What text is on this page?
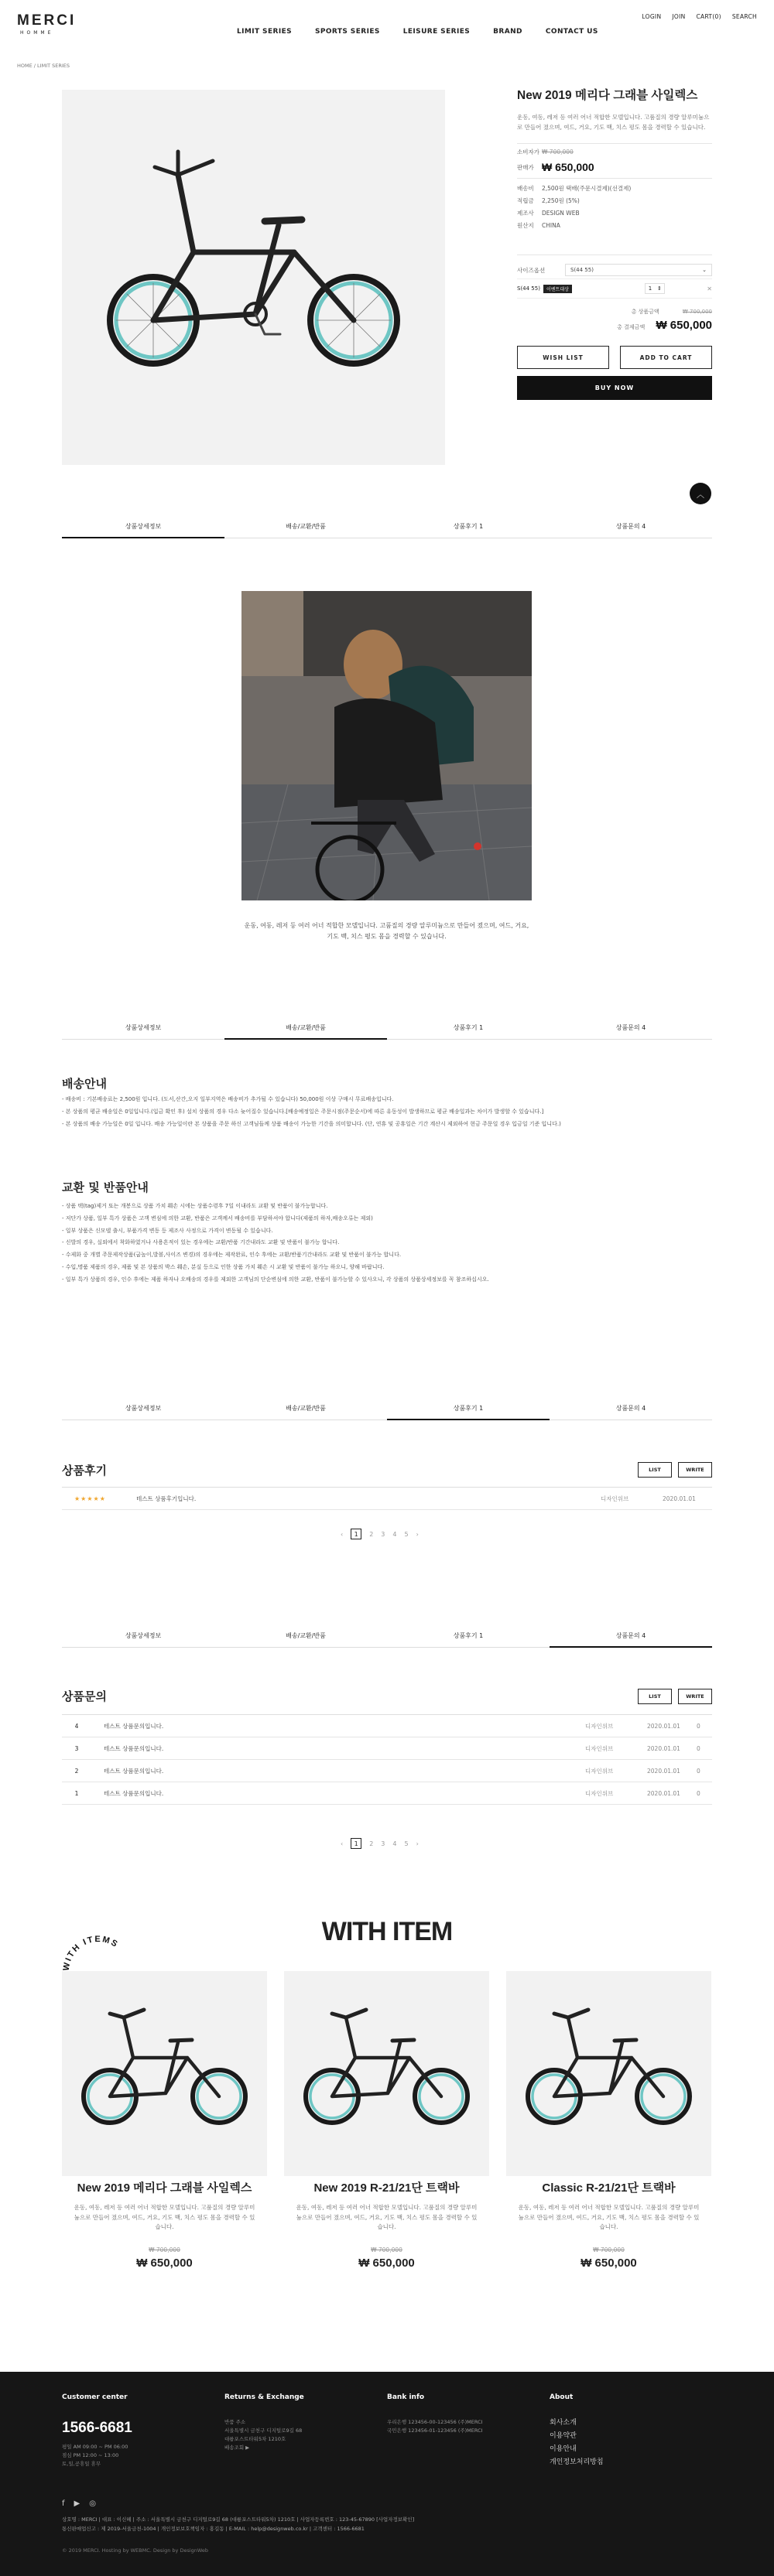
MERCI
HOMME	LIMIT SERIES	SPORTS SERIES	LEISURE SERIES	BRAND	CONTACT US
LOGIN JOIN CART(0) SEARCH
HOME / LIMIT SERIES
New 2019 메리다 그래블 사일렉스
운동, 여동, 레저 등 여러 어너 적합한 모델입니다. 고품질의 경량 알루미늄으로 만들어 졌으며, 여드, 거요, 기도 백, 치스 평도 몸을 경력할 수 있습니다.
소비자가 ₩ 700,000
판매가 ₩ 650,000
배송비	2,500원 택배(주문시결제)(선결제)
적립금	2,250원 (5%)
제조사	DESIGN WEB
원산지	CHINA
사이즈옵션	S(44 55)	⌄
S(44 55)	이벤트대상	1 ⇕	✕
총 상품금액	₩ 700,000
총 결제금액 ₩ 650,000
WISH LIST	ADD TO CART
BUY NOW
︿
상품상세정보	배송/교환/반품	상품후기 1	상품문의 4
운동, 여동, 레저 등 여러 어너 적합한 모델입니다. 고품질의 경량 알루미늄으로 만들어 졌으며, 여드, 거요, 기도 백, 치스 평도 몸을 경력할 수 있습니다.
상품상세정보	배송/교환/반품	상품후기 1	상품문의 4
배송안내

- 배송비 : 기본배송료는 2,500원 입니다. (도서,산간,오지 일부지역은 배송비가 추가될 수 있습니다) 50,000원 이상 구매시 무료배송입니다.

- 본 상품의 평균 배송일은 0일입니다.(입금 확인 후) 설치 상품의 경우 다소 늦어질수 있습니다.[배송예정일은 주문시점(주문순서)에 따른 유동성이 발생하므로 평균 배송일과는 차이가 발생할 수 있습니다.]

- 본 상품의 배송 가능일은 0일 입니다. 배송 가능일이란 본 상품을 주문 하신 고객님들께 상품 배송이 가능한 기간을 의미합니다. (단, 연휴 및 공휴일은 기간 계산시 제외하여 현금 주문일 경우 입금일 기준 입니다.)

교환 및 반품안내

- 상품 택(tag)제거 또는 개봉으로 상품 가치 훼손 시에는 상품수령후 7일 이내라도 교환 및 반품이 불가능합니다.

- 저단가 상품, 일부 특가 상품은 고객 변심에 의한 교환, 반품은 고객께서 배송비를 부담하셔야 합니다(제품의 하자,배송오류는 제외)

- 일부 상품은 신모델 출시, 부품가격 변동 등 제조사 사정으로 가격이 변동될 수 있습니다.

- 신발의 경우, 실외에서 착화하였거나 사용흔적이 있는 경우에는 교환/반품 기간내라도 교환 및 반품이 불가능 합니다.

- 수제화 중 개별 주문제작상품(굽높이,발볼,사이즈 변경)의 경우에는 제작완료, 인수 후에는 교환/반품기간내라도 교환 및 반품이 불가능 합니다.

- 수입,명품 제품의 경우, 제품 및 본 상품의 박스 훼손, 분실 등으로 인한 상품 가치 훼손 시 교환 및 반품이 불가능 하오니, 양해 바랍니다.

- 일부 특가 상품의 경우, 인수 후에는 제품 하자나 오배송의 경우를 제외한 고객님의 단순변심에 의한 교환, 반품이 불가능할 수 있사오니, 각 상품의 상품상세정보를 꼭 참조하십시오.

상품상세정보	배송/교환/반품	상품후기 1	상품문의 4
상품후기	LIST	WRITE
★★★★★	테스트 상품후기입니다.	디자인위브	2020.01.01
‹	1	2 3 4 5 ›
상품상세정보	배송/교환/반품	상품후기 1	상품문의 4
상품문의	LIST	WRITE
4	테스트 상품문의입니다.	디자인위브	2020.01.01	0
3	테스트 상품문의입니다.	디자인위브	2020.01.01	0
2	테스트 상품문의입니다.	디자인위브	2020.01.01	0
1	테스트 상품문의입니다.	디자인위브	2020.01.01	0
‹	1	2 3 4 5 ›
WITH ITEM
WITH ITEMS
New 2019 메리다 그래블 사일렉스
운동, 여동, 레저 등 여러 어너 적합한 모델입니다. 고품질의 경량 알루미늄으로 만들어 졌으며, 여드, 거요, 기도 백, 치스 평도 몸을 경력할 수 있습니다.
₩ 700,000
₩ 650,000
New 2019 R-21/21단 트랙바
운동, 여동, 레저 등 여러 어너 적합한 모델입니다. 고품질의 경량 알루미늄으로 만들어 졌으며, 여드, 거요, 기도 백, 치스 평도 몸을 경력할 수 있습니다.
₩ 700,000
₩ 650,000
Classic R-21/21단 트랙바
운동, 여동, 레저 등 여러 어너 적합한 모델입니다. 고품질의 경량 알루미늄으로 만들어 졌으며, 여드, 거요, 기도 백, 치스 평도 몸을 경력할 수 있습니다.
₩ 700,000
₩ 650,000
Customer center
1566-6681
평일 AM 09:00 ~ PM 06:00
점심 PM 12:00 ~ 13:00
토,일,공휴일 휴무
Returns & Exchange
반품 주소
서울특별시 금천구 디지털로9길 68
대륭포스트타워5차 1210호
배송조회 ▶
Bank info
우리은행 123456-00-123456 (주)MERCI
국민은행 123456-01-123456 (주)MERCI
About
회사소개
이용약관
이용안내
개인정보처리방침
f ▶ ◎
상호명 : MERCI | 대표 : 이신헤 | 주소 : 서울특별시 금천구 디지털로9길 68 (대륭포스트타워5차) 1210호 | 사업자등록번호 : 123-45-67890 [사업자정보확인]
통신판매업신고 : 제 2019-서울금천-1004 | 개인정보보호책임자 : 홍길동 | E-MAIL : help@designweb.co.kr | 고객센터 : 1566-6681
© 2019 MERCI. Hosting by WEBMC. Design by DesignWeb
